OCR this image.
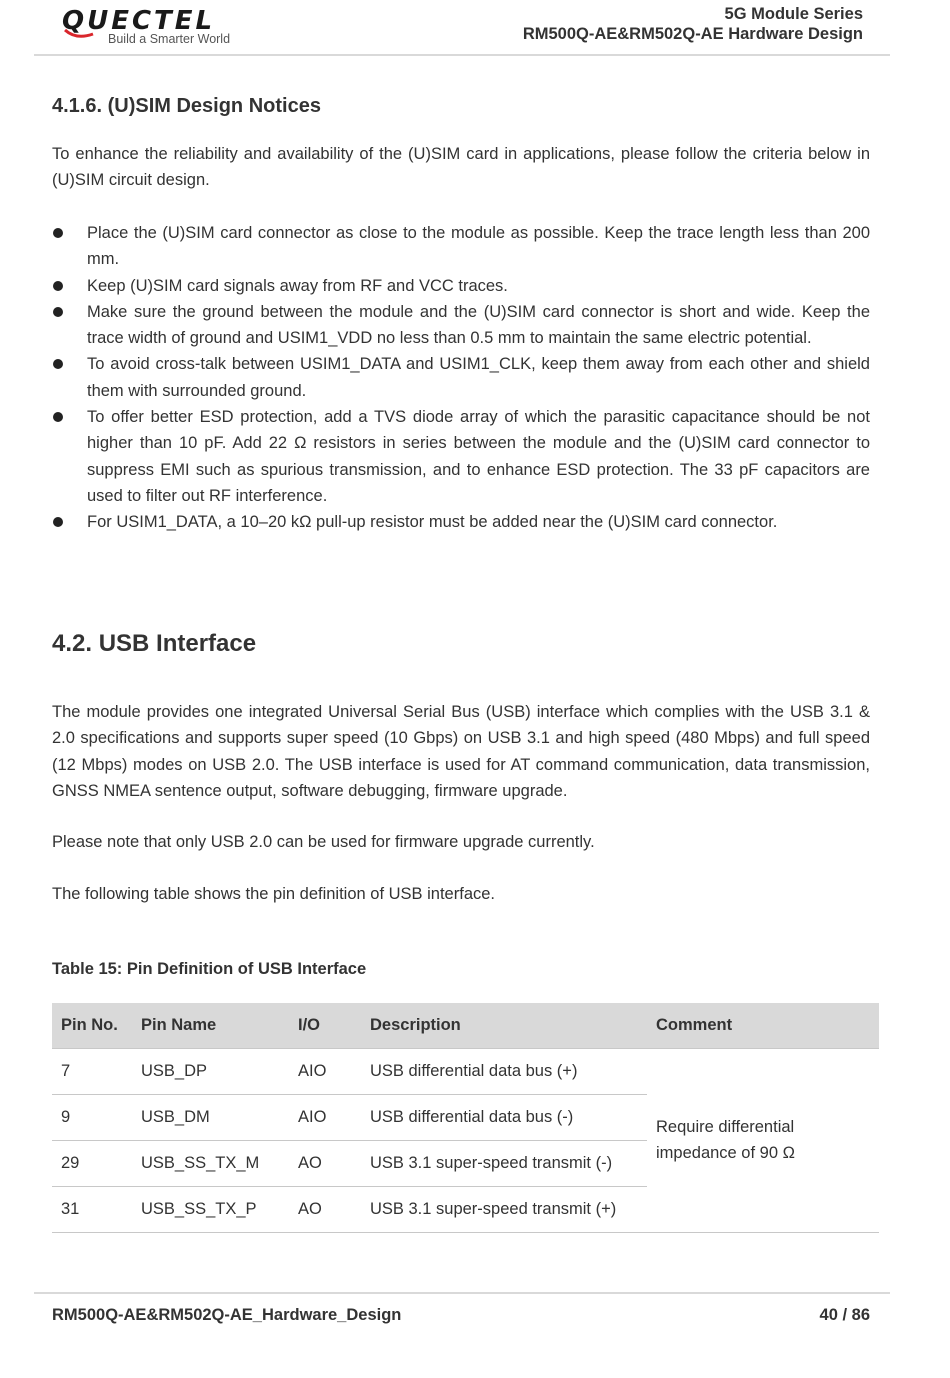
QUECTEL
Build a Smarter World
5G Module Series
RM500Q-AE&RM502Q-AE Hardware Design
4.1.6. (U)SIM Design Notices
To enhance the reliability and availability of the (U)SIM card in applications, please follow the criteria below in (U)SIM circuit design.
Place the (U)SIM card connector as close to the module as possible. Keep the trace length less than 200 mm.
Keep (U)SIM card signals away from RF and VCC traces.
Make sure the ground between the module and the (U)SIM card connector is short and wide. Keep the trace width of ground and USIM1_VDD no less than 0.5 mm to maintain the same electric potential.
To avoid cross-talk between USIM1_DATA and USIM1_CLK, keep them away from each other and shield them with surrounded ground.
To offer better ESD protection, add a TVS diode array of which the parasitic capacitance should be not higher than 10 pF. Add 22 Ω resistors in series between the module and the (U)SIM card connector to suppress EMI such as spurious transmission, and to enhance ESD protection. The 33 pF capacitors are used to filter out RF interference.
For USIM1_DATA, a 10–20 kΩ pull-up resistor must be added near the (U)SIM card connector.
4.2. USB Interface
The module provides one integrated Universal Serial Bus (USB) interface which complies with the USB 3.1 & 2.0 specifications and supports super speed (10 Gbps) on USB 3.1 and high speed (480 Mbps) and full speed (12 Mbps) modes on USB 2.0. The USB interface is used for AT command communication, data transmission, GNSS NMEA sentence output, software debugging, firmware upgrade.
Please note that only USB 2.0 can be used for firmware upgrade currently.
The following table shows the pin definition of USB interface.
Table 15: Pin Definition of USB Interface
Pin No.	Pin Name	I/O	Description	Comment
7	USB_DP	AIO	USB differential data bus (+)	Require differential impedance of 90 Ω
9	USB_DM	AIO	USB differential data bus (-)	
29	USB_SS_TX_M	AO	USB 3.1 super-speed transmit (-)	
31	USB_SS_TX_P	AO	USB 3.1 super-speed transmit (+)	
RM500Q-AE&RM502Q-AE_Hardware_Design	40 / 86
